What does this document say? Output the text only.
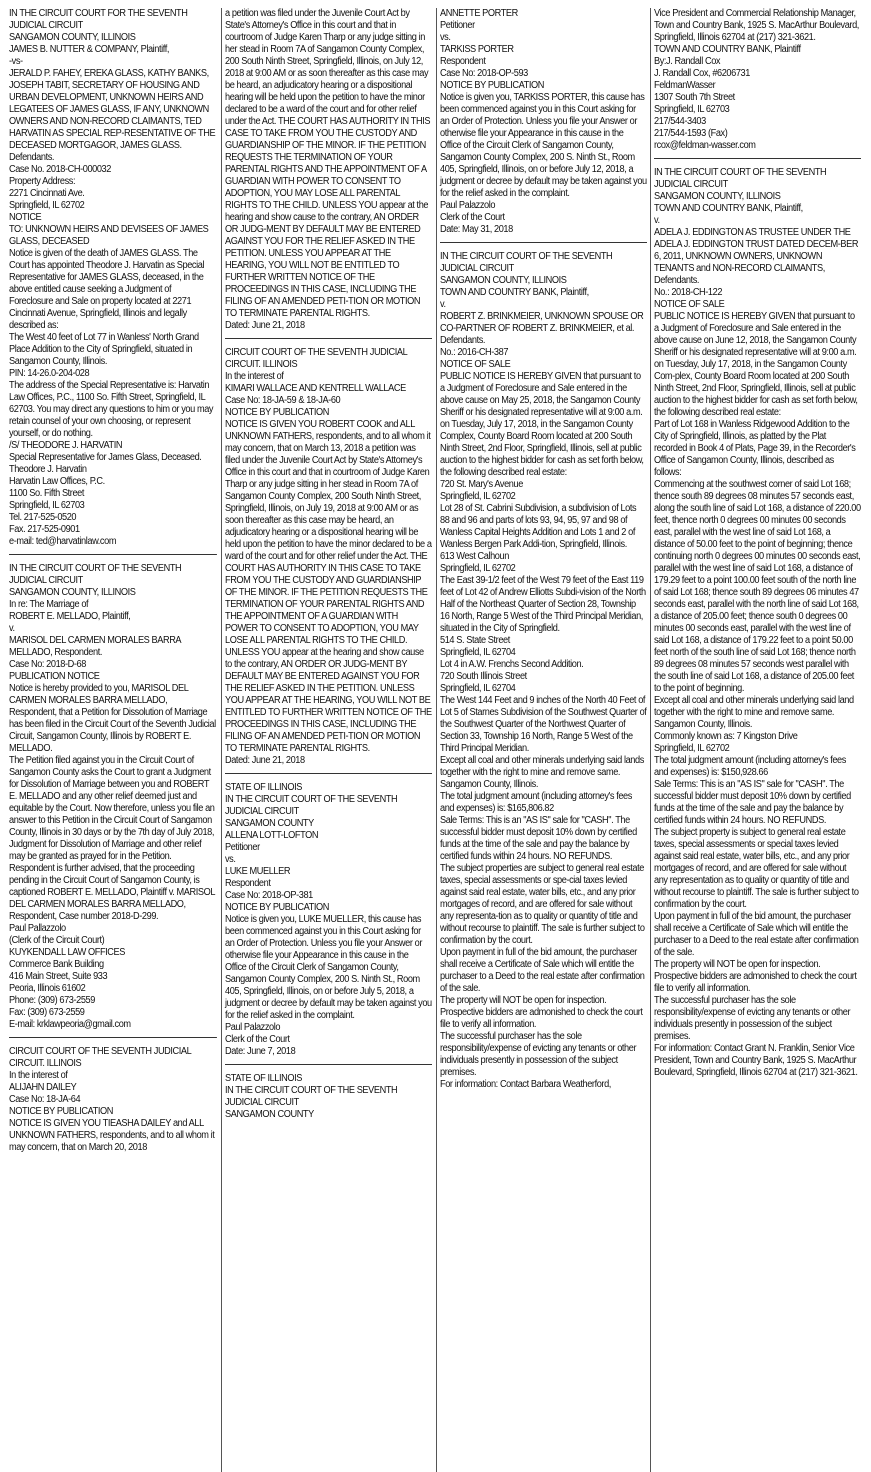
IN THE CIRCUIT COURT FOR THE SEVENTH JUDICIAL CIRCUIT

SANGAMON COUNTY, ILLINOIS

JAMES B. NUTTER & COMPANY, Plaintiff,

-vs-

JERALD P. FAHEY, EREKA GLASS, KATHY BANKS, JOSEPH TABIT, SECRETARY OF HOUSING AND URBAN DEVELOPMENT, UNKNOWN HEIRS AND LEGATEES OF JAMES GLASS, IF ANY, UNKNOWN OWNERS AND NON-RECORD CLAIMANTS, TED HARVATIN AS SPECIAL REP-RESENTATIVE OF THE DECEASED MORTGAGOR, JAMES GLASS. Defendants.

Case No. 2018-CH-000032

Property Address:

2271 Cincinnati Ave.

Springfield, IL 62702

NOTICE

TO: UNKNOWN HEIRS AND DEVISEES OF JAMES GLASS, DECEASED

Notice is given of the death of JAMES GLASS. The Court has appointed Theodore J. Harvatin as Special Representative for JAMES GLASS, deceased, in the above entitled cause seeking a Judgment of Foreclosure and Sale on property located at 2271 Cincinnati Avenue, Springfield, Illinois and legally described as:

The West 40 feet of Lot 77 in Wanless' North Grand Place Addition to the City of Springfield, situated in Sangamon County, Illinois.

PIN: 14-26.0-204-028

The address of the Special Representative is: Harvatin Law Offices, P.C., 1100 So. Fifth Street, Springfield, IL 62703. You may direct any questions to him or you may retain counsel of your own choosing, or represent yourself, or do nothing.

/S/ THEODORE J. HARVATIN

Special Representative for James Glass, Deceased.

Theodore J. Harvatin

Harvatin Law Offices, P.C.

1100 So. Fifth Street

Springfield, IL 62703

Tel. 217-525-0520

Fax. 217-525-0901

e-mail: ted@harvatinlaw.com

IN THE CIRCUIT COURT OF THE SEVENTH JUDICIAL CIRCUIT

SANGAMON COUNTY, ILLINOIS

In re: The Marriage of

ROBERT E. MELLADO, Plaintiff,

v.

MARISOL DEL CARMEN MORALES BARRA MELLADO, Respondent.

Case No: 2018-D-68

PUBLICATION NOTICE

Notice is hereby provided to you, MARISOL DEL CARMEN MORALES BARRA MELLADO, Respondent, that a Petition for Dissolution of Marriage has been filed in the Circuit Court of the Seventh Judicial Circuit, Sangamon County, Illinois by ROBERT E. MELLADO.

The Petition filed against you in the Circuit Court of Sangamon County asks the Court to grant a Judgment for Dissolution of Marriage between you and ROBERT E. MELLADO and any other relief deemed just and equitable by the Court. Now therefore, unless you file an answer to this Petition in the Circuit Court of Sangamon County, Illinois in 30 days or by the 7th day of July 2018, Judgment for Dissolution of Marriage and other relief may be granted as prayed for in the Petition. Respondent is further advised, that the proceeding pending in the Circuit Court of Sangamon County, is captioned ROBERT E. MELLADO, Plaintiff v. MARISOL DEL CARMEN MORALES BARRA MELLADO, Respondent, Case number 2018-D-299.

Paul Pallazzolo

(Clerk of the Circuit Court)

KUYKENDALL LAW OFFICES

Commerce Bank Building

416 Main Street, Suite 933

Peoria, Illinois 61602

Phone: (309) 673-2559

Fax: (309) 673-2559

E-mail: krklawpeoria@gmail.com

CIRCUIT COURT OF THE SEVENTH JUDICIAL CIRCUIT. ILLINOIS

In the interest of

ALIJAHN DAILEY

Case No: 18-JA-64

NOTICE BY PUBLICATION

NOTICE IS GIVEN YOU TIEASHA DAILEY and ALL UNKNOWN FATHERS, respondents, and to all whom it may concern, that on March 20, 2018

a petition was filed under the Juvenile Court Act by State's Attorney's Office in this court and that in courtroom of Judge Karen Tharp or any judge sitting in her stead in Room 7A of Sangamon County Complex, 200 South Ninth Street, Springfield, Illinois, on July 12, 2018 at 9:00 AM or as soon thereafter as this case may be heard, an adjudicatory hearing or a dispositional hearing will be held upon the petition to have the minor declared to be a ward of the court and for other relief under the Act. THE COURT HAS AUTHORITY IN THIS CASE TO TAKE FROM YOU THE CUSTODY AND GUARDIANSHIP OF THE MINOR. IF THE PETITION REQUESTS THE TERMINATION OF YOUR PARENTAL RIGHTS AND THE APPOINTMENT OF A GUARDIAN WITH POWER TO CONSENT TO ADOPTION, YOU MAY LOSE ALL PARENTAL RIGHTS TO THE CHILD. UNLESS YOU appear at the hearing and show cause to the contrary, AN ORDER OR JUDG-MENT BY DEFAULT MAY BE ENTERED AGAINST YOU FOR THE RELIEF ASKED IN THE PETITION. UNLESS YOU APPEAR AT THE HEARING, YOU WILL NOT BE ENTITLED TO FURTHER WRITTEN NOTICE OF THE PROCEEDINGS IN THIS CASE, INCLUDING THE FILING OF AN AMENDED PETI-TION OR MOTION TO TERMINATE PARENTAL RIGHTS.

Dated: June 21, 2018

CIRCUIT COURT OF THE SEVENTH JUDICIAL CIRCUIT. ILLINOIS

In the interest of

KIMARI WALLACE AND KENTRELL WALLACE

Case No: 18-JA-59 & 18-JA-60

NOTICE BY PUBLICATION

NOTICE IS GIVEN YOU ROBERT COOK and ALL UNKNOWN FATHERS, respondents, and to all whom it may concern, that on March 13, 2018 a petition was filed under the Juvenile Court Act by State's Attorney's Office in this court and that in courtroom of Judge Karen Tharp or any judge sitting in her stead in Room 7A of Sangamon County Complex, 200 South Ninth Street, Springfield, Illinois, on July 19, 2018 at 9:00 AM or as soon thereafter as this case may be heard, an adjudicatory hearing or a dispositional hearing will be held upon the petition to have the minor declared to be a ward of the court and for other relief under the Act. THE COURT HAS AUTHORITY IN THIS CASE TO TAKE FROM YOU THE CUSTODY AND GUARDIANSHIP OF THE MINOR. IF THE PETITION REQUESTS THE TERMINATION OF YOUR PARENTAL RIGHTS AND THE APPOINTMENT OF A GUARDIAN WITH POWER TO CONSENT TO ADOPTION, YOU MAY LOSE ALL PARENTAL RIGHTS TO THE CHILD. UNLESS YOU appear at the hearing and show cause to the contrary, AN ORDER OR JUDG-MENT BY DEFAULT MAY BE ENTERED AGAINST YOU FOR THE RELIEF ASKED IN THE PETITION. UNLESS YOU APPEAR AT THE HEARING, YOU WILL NOT BE ENTITLED TO FURTHER WRITTEN NOTICE OF THE PROCEEDINGS IN THIS CASE, INCLUDING THE FILING OF AN AMENDED PETI-TION OR MOTION TO TERMINATE PARENTAL RIGHTS.

Dated: June 21, 2018

STATE OF ILLINOIS

IN THE CIRCUIT COURT OF THE SEVENTH JUDICIAL CIRCUIT

SANGAMON COUNTY

ALLENA LOTT-LOFTON

Petitioner

vs.

LUKE MUELLER

Respondent

Case No: 2018-OP-381

NOTICE BY PUBLICATION

Notice is given you, LUKE MUELLER, this cause has been commenced against you in this Court asking for an Order of Protection. Unless you file your Answer or otherwise file your Appearance in this cause in the Office of the Circuit Clerk of Sangamon County, Sangamon County Complex, 200 S. Ninth St., Room 405, Springfield, Illinois, on or before July 5, 2018, a judgment or decree by default may be taken against you for the relief asked in the complaint.

Paul Palazzolo

Clerk of the Court

Date: June 7, 2018

STATE OF ILLINOIS

IN THE CIRCUIT COURT OF THE SEVENTH JUDICIAL CIRCUIT

SANGAMON COUNTY

ANNETTE PORTER

Petitioner

vs.

TARKISS PORTER

Respondent

Case No: 2018-OP-593

NOTICE BY PUBLICATION

Notice is given you, TARKISS PORTER, this cause has been commenced against you in this Court asking for an Order of Protection. Unless you file your Answer or otherwise file your Appearance in this cause in the Office of the Circuit Clerk of Sangamon County, Sangamon County Complex, 200 S. Ninth St., Room 405, Springfield, Illinois, on or before July 12, 2018, a judgment or decree by default may be taken against you for the relief asked in the complaint.

Paul Palazzolo

Clerk of the Court

Date: May 31, 2018

IN THE CIRCUIT COURT OF THE SEVENTH JUDICIAL CIRCUIT

SANGAMON COUNTY, ILLINOIS

TOWN AND COUNTRY BANK, Plaintiff,

v.

ROBERT Z. BRINKMEIER, UNKNOWN SPOUSE OR CO-PARTNER OF ROBERT Z. BRINKMEIER, et al.

Defendants.

No.: 2016-CH-387

NOTICE OF SALE

PUBLIC NOTICE IS HEREBY GIVEN that pursuant to a Judgment of Foreclosure and Sale entered in the above cause on May 25, 2018, the Sangamon County Sheriff or his designated representative will at 9:00 a.m. on Tuesday, July 17, 2018, in the Sangamon County Complex, County Board Room located at 200 South Ninth Street, 2nd Floor, Springfield, Illinois, sell at public auction to the highest bidder for cash as set forth below, the following described real estate:

720 St. Mary's Avenue

Springfield, IL 62702

Lot 28 of St. Cabrini Subdivision, a subdivision of Lots 88 and 96 and parts of lots 93, 94, 95, 97 and 98 of Wanless Capital Heights Addition and Lots 1 and 2 of Wanless Bergen Park Addi-tion, Springfield, Illinois.

613 West Calhoun

Springfield, IL 62702

The East 39-1/2 feet of the West 79 feet of the East 119 feet of Lot 42 of Andrew Elliotts Subdi-vision of the North Half of the Northeast Quarter of Section 28, Township 16 North, Range 5 West of the Third Principal Meridian, situated in the City of Springfield.

514 S. State Street

Springfield, IL 62704

Lot 4 in A.W. Frenchs Second Addition.

720 South Illinois Street

Springfield, IL 62704

The West 144 Feet and 9 inches of the North 40 Feet of Lot 5 of Starnes Subdivision of the Southwest Quarter of the Southwest Quarter of the Northwest Quarter of Section 33, Township 16 North, Range 5 West of the Third Principal Meridian.

Except all coal and other minerals underlying said lands together with the right to mine and remove same.

Sangamon County, Illinois.

The total judgment amount (including attorney's fees and expenses) is: $165,806.82

Sale Terms: This is an "AS IS" sale for "CASH". The successful bidder must deposit 10% down by certified funds at the time of the sale and pay the balance by certified funds within 24 hours. NO REFUNDS.

The subject properties are subject to general real estate taxes, special assessments or spe-cial taxes levied against said real estate, water bills, etc., and any prior mortgages of record, and are offered for sale without any representa-tion as to quality or quantity of title and without recourse to plaintiff. The sale is further subject to confirmation by the court.

Upon payment in full of the bid amount, the purchaser shall receive a Certificate of Sale which will entitle the purchaser to a Deed to the real estate after confirmation of the sale.

The property will NOT be open for inspection. Prospective bidders are admonished to check the court file to verify all information.

The successful purchaser has the sole responsibility/expense of evicting any tenants or other individuals presently in possession of the subject premises.

For information: Contact Barbara Weatherford,

Vice President and Commercial Relationship Manager, Town and Country Bank, 1925 S. MacArthur Boulevard, Springfield, Illinois 62704 at (217) 321-3621.

TOWN AND COUNTRY BANK, Plaintiff

By:J. Randall Cox

J. Randall Cox, #6206731

FeldmanWasser

1307 South 7th Street

Springfield, IL 62703

217/544-3403

217/544-1593 (Fax)

rcox@feldman-wasser.com

IN THE CIRCUIT COURT OF THE SEVENTH JUDICIAL CIRCUIT

SANGAMON COUNTY, ILLINOIS

TOWN AND COUNTRY BANK, Plaintiff,

v.

ADELA J. EDDINGTON AS TRUSTEE UNDER THE ADELA J. EDDINGTON TRUST DATED DECEM-BER 6, 2011, UNKNOWN OWNERS, UNKNOWN TENANTS and NON-RECORD CLAIMANTS, Defendants.

No.: 2018-CH-122

NOTICE OF SALE

PUBLIC NOTICE IS HEREBY GIVEN that pursuant to a Judgment of Foreclosure and Sale entered in the above cause on June 12, 2018, the Sangamon County Sheriff or his designated representative will at 9:00 a.m. on Tuesday, July 17, 2018, in the Sangamon County Com-plex, County Board Room located at 200 South Ninth Street, 2nd Floor, Springfield, Illinois, sell at public auction to the highest bidder for cash as set forth below, the following described real estate:

Part of Lot 168 in Wanless Ridgewood Addition to the City of Springfield, Illinois, as platted by the Plat recorded in Book 4 of Plats, Page 39, in the Recorder's Office of Sangamon County, Illinois, described as follows:

Commencing at the southwest corner of said Lot 168; thence south 89 degrees 08 minutes 57 seconds east, along the south line of said Lot 168, a distance of 220.00 feet, thence north 0 degrees 00 minutes 00 seconds east, parallel with the west line of said Lot 168, a distance of 50.00 feet to the point of beginning; thence continuing north 0 degrees 00 minutes 00 seconds east, parallel with the west line of said Lot 168, a distance of 179.29 feet to a point 100.00 feet south of the north line of said Lot 168; thence south 89 degrees 06 minutes 47 seconds east, parallel with the north line of said Lot 168, a distance of 205.00 feet; thence south 0 degrees 00 minutes 00 seconds east, parallel with the west line of said Lot 168, a distance of 179.22 feet to a point 50.00 feet north of the south line of said Lot 168; thence north 89 degrees 08 minutes 57 seconds west parallel with the south line of said Lot 168, a distance of 205.00 feet to the point of beginning.

Except all coal and other minerals underlying said land together with the right to mine and remove same.

Sangamon County, Illinois.

Commonly known as: 7 Kingston Drive

Springfield, IL 62702

The total judgment amount (including attorney's fees and expenses) is: $150,928.66

Sale Terms: This is an "AS IS" sale for "CASH". The successful bidder must deposit 10% down by certified funds at the time of the sale and pay the balance by certified funds within 24 hours. NO REFUNDS.

The subject property is subject to general real estate taxes, special assessments or special taxes levied against said real estate, water bills, etc., and any prior mortgages of record, and are offered for sale without any representation as to quality or quantity of title and without recourse to plaintiff. The sale is further subject to confirmation by the court.

Upon payment in full of the bid amount, the purchaser shall receive a Certificate of Sale which will entitle the purchaser to a Deed to the real estate after confirmation of the sale.

The property will NOT be open for inspection. Prospective bidders are admonished to check the court file to verify all information.

The successful purchaser has the sole responsibility/expense of evicting any tenants or other individuals presently in possession of the subject premises.

For information: Contact Grant N. Franklin, Senior Vice President, Town and Country Bank, 1925 S. MacArthur Boulevard, Springfield, Illinois 62704 at (217) 321-3621.
